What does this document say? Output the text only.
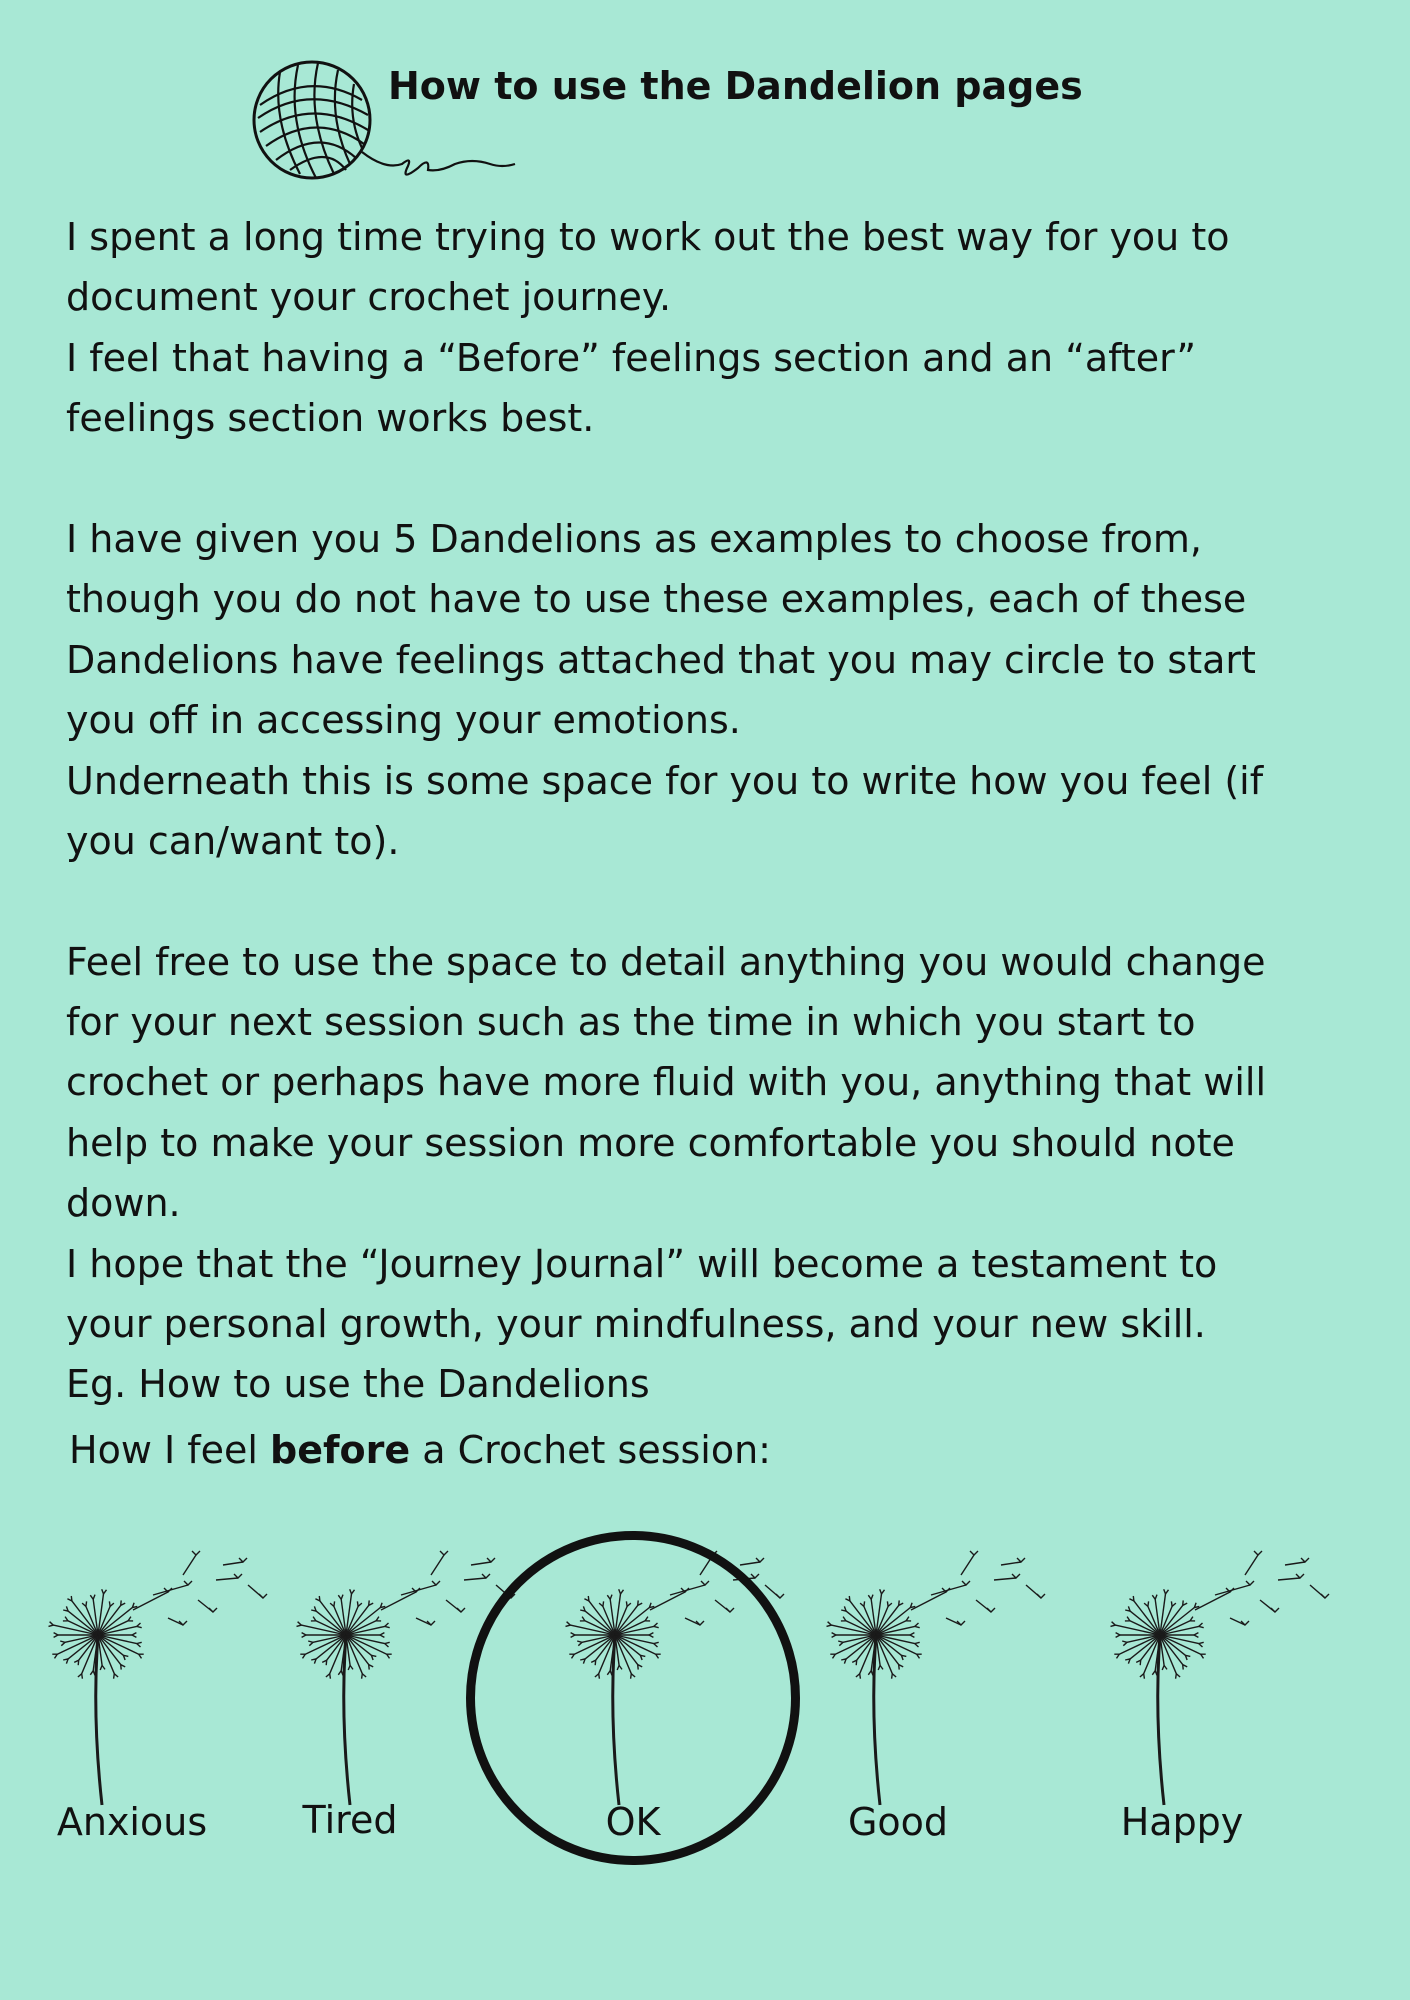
How to use the Dandelion pages
I spent a long time trying to work out the best way for you to
document your crochet journey.
I feel that having a “Before” feelings section and an “after”
feelings section works best.
I have given you 5 Dandelions as examples to choose from,
though you do not have to use these examples, each of these
Dandelions have feelings attached that you may circle to start
you off in accessing your emotions.
Underneath this is some space for you to write how you feel (if
you can/want to).
Feel free to use the space to detail anything you would change
for your next session such as the time in which you start to
crochet or perhaps have more fluid with you, anything that will
help to make your session more comfortable you should note
down.
I hope that the “Journey Journal” will become a testament to
your personal growth, your mindfulness, and your new skill.
Eg. How to use the Dandelions
How I feel before a Crochet session:
Anxious	Tired	OK	Good	Happy
